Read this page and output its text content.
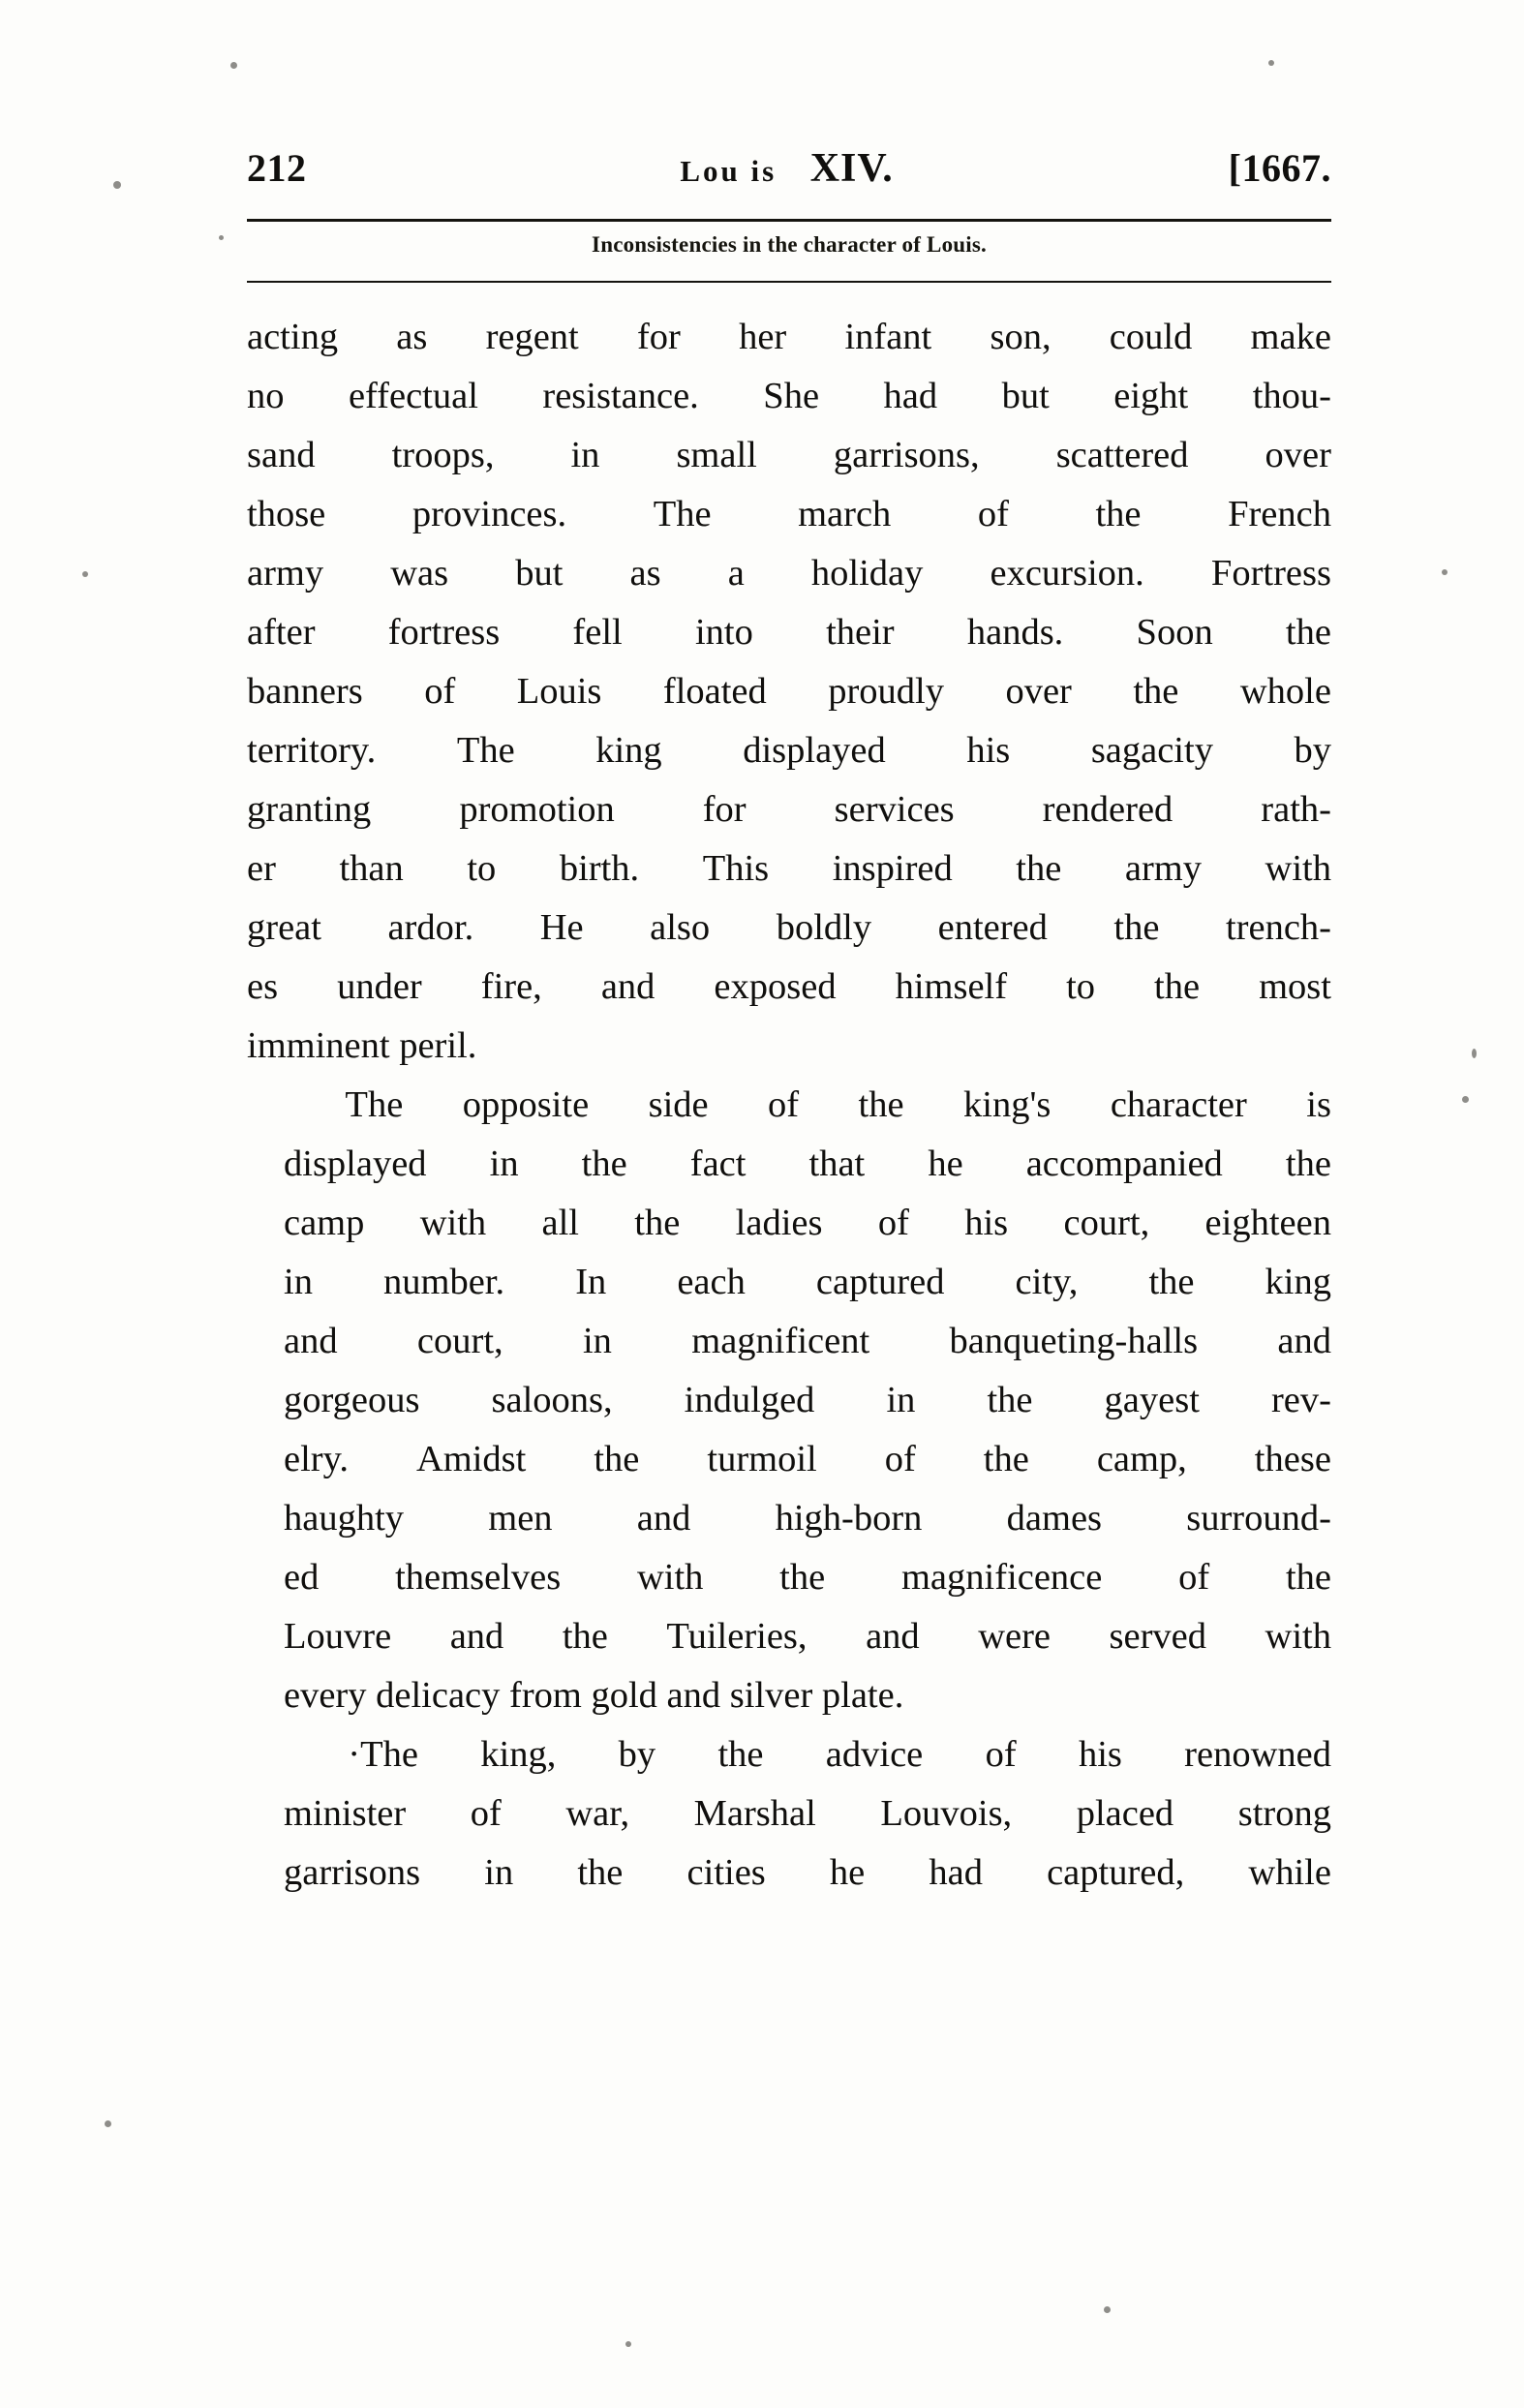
212	Lou is XIV.	[1667.
Inconsistencies in the character of Louis.

acting as regent for her infant son, could make
no effectual resistance. She had but eight thou-
sand troops, in small garrisons, scattered over
those provinces. The march of the French
army was but as a holiday excursion. Fortress
after fortress fell into their hands. Soon the
banners of Louis floated proudly over the whole
territory. The king displayed his sagacity by
granting promotion for services rendered rath-
er than to birth. This inspired the army with
great ardor. He also boldly entered the trench-
es under fire, and exposed himself to the most
imminent peril.

The	opposite	side	of	the	king's	character	is
displayed	in	the	fact	that	he	accompanied	the
camp	with	all	the	ladies	of	his	court,	eighteen
in	number.	In	each	captured	city,	the	king
and	court,	in	magnificent	banqueting-halls	and
gorgeous	saloons,	indulged	in	the	gayest	rev-
elry.	Amidst	the	turmoil	of	the	camp,	these
haughty	men	and	high-born	dames	surround-
ed	themselves	with	the	magnificence	of	the
Louvre	and	the	Tuileries,	and	were	served	with
every delicacy from gold and silver plate.

·The	king,	by	the	advice	of	his	renowned
minister	of	war,	Marshal	Louvois,	placed	strong
garrisons	in	the	cities	he	had	captured,	while
